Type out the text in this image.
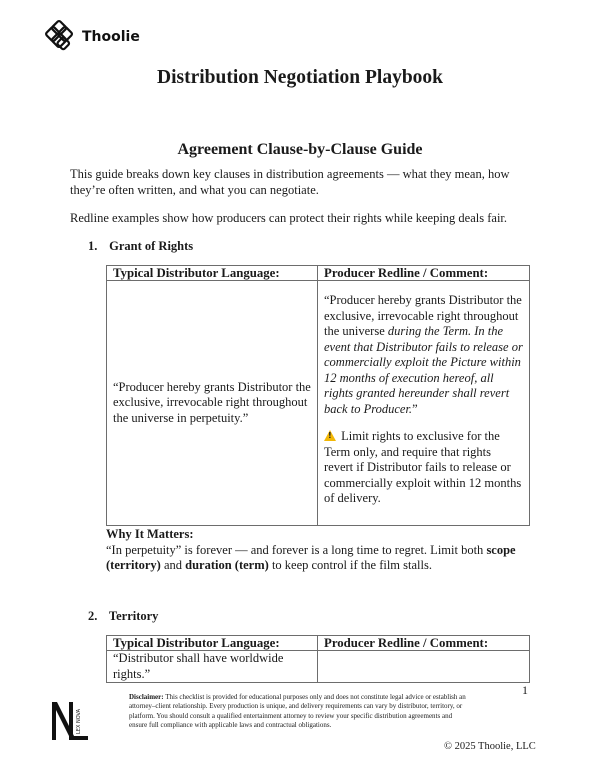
Thoolie
Distribution Negotiation Playbook
Agreement Clause-by-Clause Guide
This guide breaks down key clauses in distribution agreements — what they mean, how they’re often written, and what you can negotiate.
Redline examples show how producers can protect their rights while keeping deals fair.
1. Grant of Rights
Typical Distributor Language:	Producer Redline / Comment:
“Producer hereby grants Distributor the exclusive, irrevocable right throughout the universe in perpetuity.”	“Producer hereby grants Distributor the exclusive, irrevocable right throughout the universe during the Term. In the event that Distributor fails to release or commercially exploit the Picture within 12 months of execution hereof, all rights granted hereunder shall revert back to Producer.”
! Limit rights to exclusive for the Term only, and require that rights revert if Distributor fails to release or commercially exploit within 12 months of delivery.
Why It Matters:
“In perpetuity” is forever — and forever is a long time to regret. Limit both scope (territory) and duration (term) to keep control if the film stalls.
2. Territory
Typical Distributor Language:	Producer Redline / Comment:
“Distributor shall have worldwide rights.”	
1
LEX NOVA
Disclaimer: This checklist is provided for educational purposes only and does not constitute legal advice or establish an attorney–client relationship. Every production is unique, and delivery requirements can vary by distributor, territory, or platform. You should consult a qualified entertainment attorney to review your specific distribution agreements and ensure full compliance with applicable laws and contractual obligations.
© 2025 Thoolie, LLC
